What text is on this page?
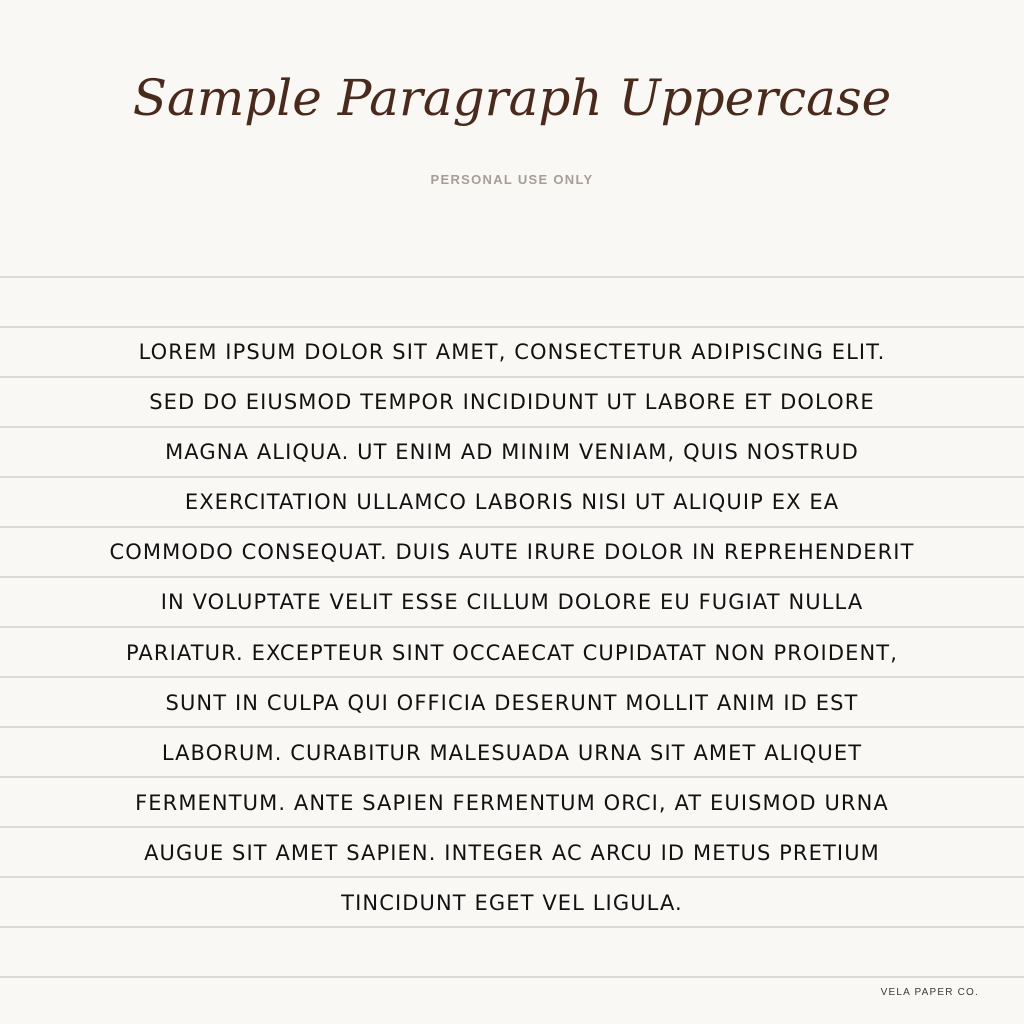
Sample Paragraph Uppercase
PERSONAL USE ONLY
LOREM IPSUM DOLOR SIT AMET, CONSECTETUR ADIPISCING ELIT.
SED DO EIUSMOD TEMPOR INCIDIDUNT UT LABORE ET DOLORE
MAGNA ALIQUA. UT ENIM AD MINIM VENIAM, QUIS NOSTRUD
EXERCITATION ULLAMCO LABORIS NISI UT ALIQUIP EX EA
COMMODO CONSEQUAT. DUIS AUTE IRURE DOLOR IN REPREHENDERIT
IN VOLUPTATE VELIT ESSE CILLUM DOLORE EU FUGIAT NULLA
PARIATUR. EXCEPTEUR SINT OCCAECAT CUPIDATAT NON PROIDENT,
SUNT IN CULPA QUI OFFICIA DESERUNT MOLLIT ANIM ID EST
LABORUM. CURABITUR MALESUADA URNA SIT AMET ALIQUET
FERMENTUM. ANTE SAPIEN FERMENTUM ORCI, AT EUISMOD URNA
AUGUE SIT AMET SAPIEN. INTEGER AC ARCU ID METUS PRETIUM
TINCIDUNT EGET VEL LIGULA.
VELA PAPER CO.
